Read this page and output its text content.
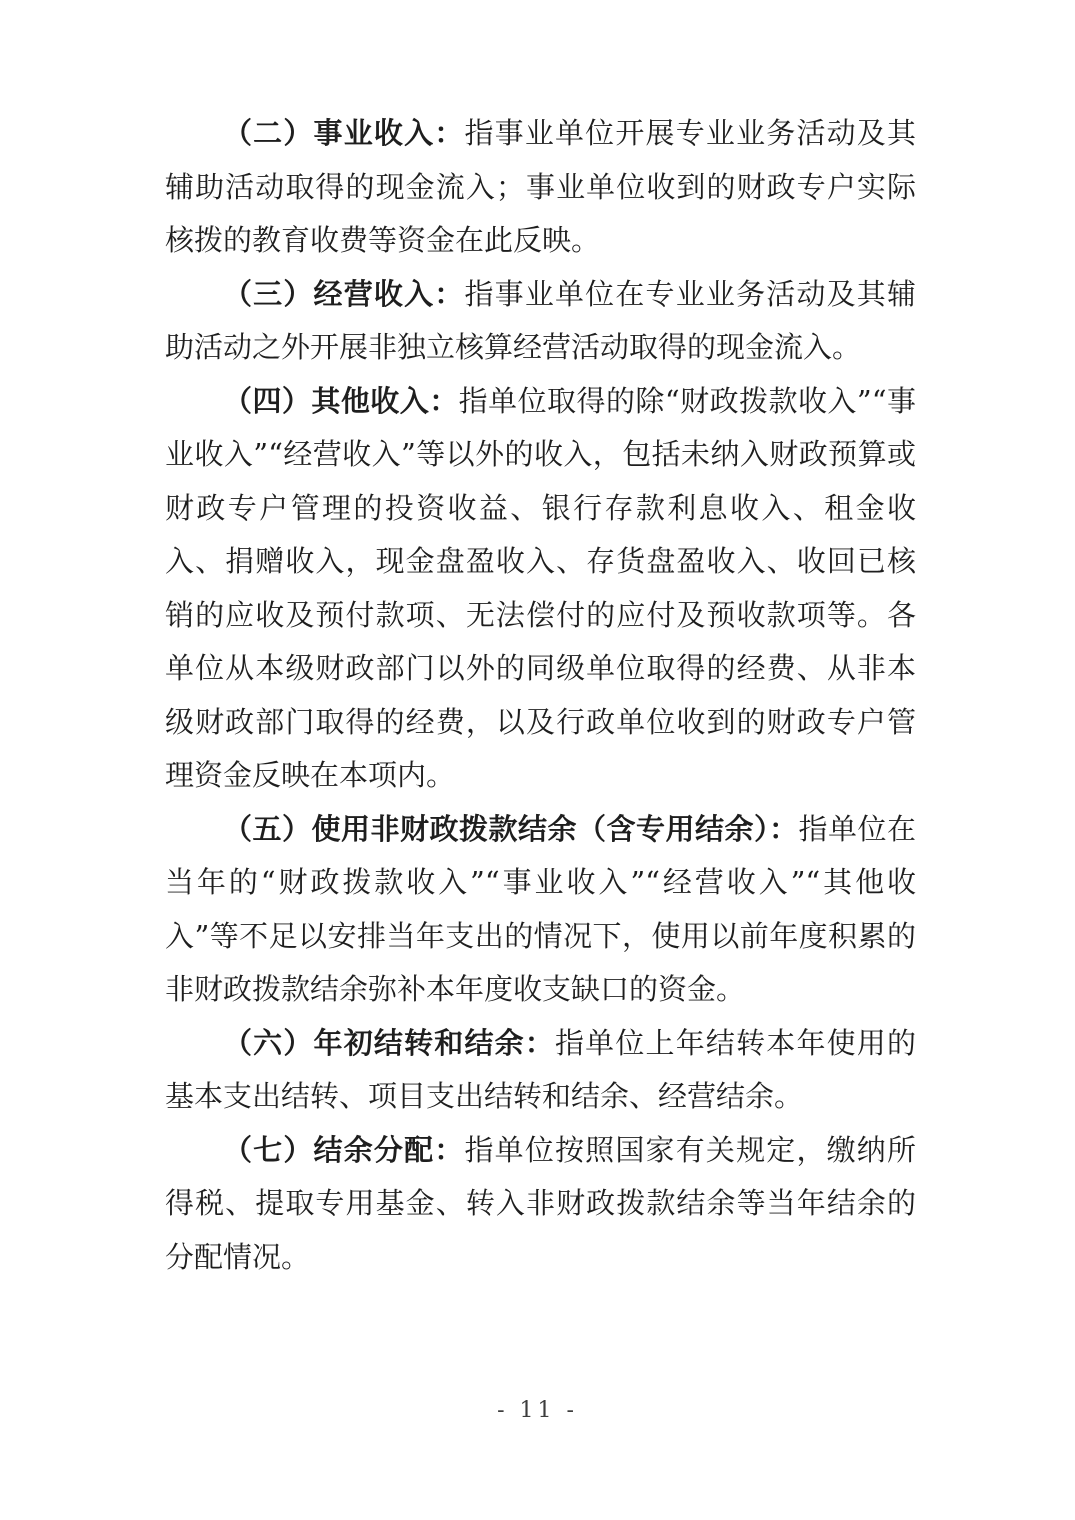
（二）事业收入：指事业单位开展专业业务活动及其辅助活动取得的现金流入；事业单位收到的财政专户实际核拨的教育收费等资金在此反映。

（三）经营收入：指事业单位在专业业务活动及其辅助活动之外开展非独立核算经营活动取得的现金流入。

（四）其他收入：指单位取得的除“财政拨款收入”“事业收入”“经营收入”等以外的收入，包括未纳入财政预算或财政专户管理的投资收益、银行存款利息收入、租金收入、捐赠收入，现金盘盈收入、存货盘盈收入、收回已核销的应收及预付款项、无法偿付的应付及预收款项等。各单位从本级财政部门以外的同级单位取得的经费、从非本级财政部门取得的经费，以及行政单位收到的财政专户管理资金反映在本项内。

（五）使用非财政拨款结余（含专用结余）：指单位在当年的“财政拨款收入”“事业收入”“经营收入”“其他收入”等不足以安排当年支出的情况下，使用以前年度积累的非财政拨款结余弥补本年度收支缺口的资金。

（六）年初结转和结余：指单位上年结转本年使用的基本支出结转、项目支出结转和结余、经营结余。

（七）结余分配：指单位按照国家有关规定，缴纳所得税、提取专用基金、转入非财政拨款结余等当年结余的分配情况。

- 11 -
